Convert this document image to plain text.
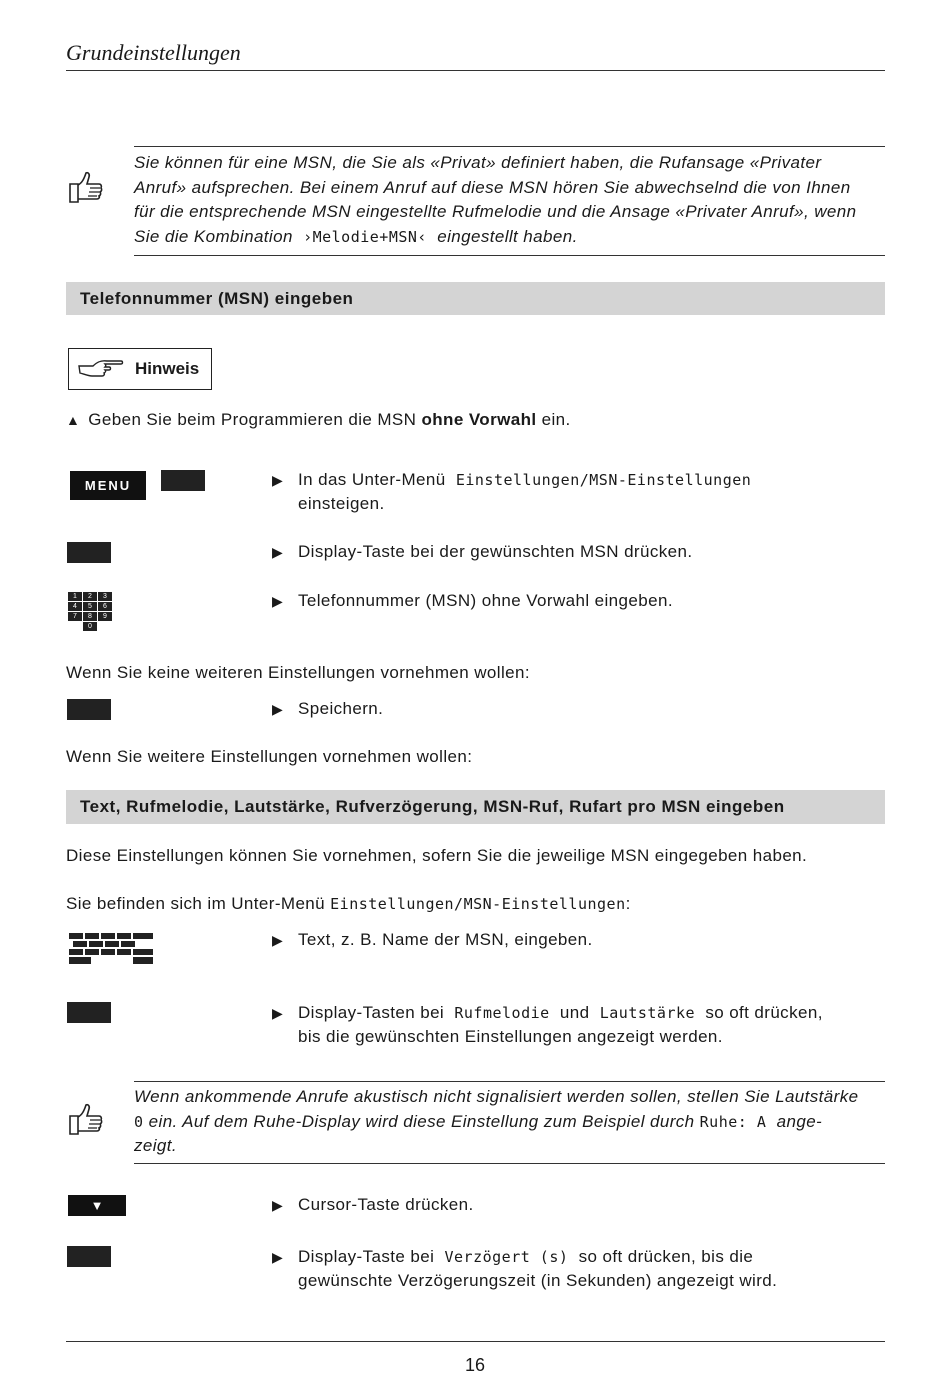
Grundeinstellungen
Sie können für eine MSN, die Sie als «Privat» definiert haben, die Rufansage «Privater
Anruf» aufsprechen. Bei einem Anruf auf diese MSN hören Sie abwechselnd die von Ihnen
für die entsprechende MSN eingestellte Rufmelodie und die Ansage «Privater Anruf», wenn
Sie die Kombination ›Melodie+MSN‹ eingestellt haben.
Telefonnummer (MSN) eingeben
Hinweis
▲ Geben Sie beim Programmieren die MSN ohne Vorwahl ein.
MENU	▶ In das Unter-Menü Einstellungen/MSN-Einstellungen
einsteigen.
▶ Display-Taste bei der gewünschten MSN drücken.
1	2	3
4	5	6
7	8	9
0
▶ Telefonnummer (MSN) ohne Vorwahl eingeben.
Wenn Sie keine weiteren Einstellungen vornehmen wollen:
▶ Speichern.
Wenn Sie weitere Einstellungen vornehmen wollen:
Text, Rufmelodie, Lautstärke, Rufverzögerung, MSN-Ruf, Rufart pro MSN eingeben
Diese Einstellungen können Sie vornehmen, sofern Sie die jeweilige MSN eingegeben haben.
Sie befinden sich im Unter-Menü Einstellungen/MSN-Einstellungen:
▶ Text, z. B. Name der MSN, eingeben.
▶ Display-Tasten bei Rufmelodie und Lautstärke so oft drücken,
bis die gewünschten Einstellungen angezeigt werden.
Wenn ankommende Anrufe akustisch nicht signalisiert werden sollen, stellen Sie Lautstärke
0 ein. Auf dem Ruhe-Display wird diese Einstellung zum Beispiel durch Ruhe: A ange-
zeigt.
▼	▶ Cursor-Taste drücken.
▶ Display-Taste bei Verzögert (s) so oft drücken, bis die
gewünschte Verzögerungszeit (in Sekunden) angezeigt wird.
16
